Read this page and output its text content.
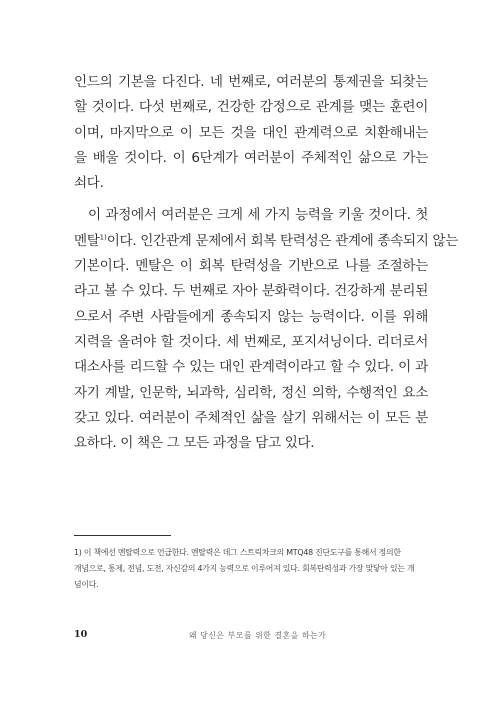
인드의 기본을 다진다. 네 번째로, 여러분의 통제권을 되찾는
할 것이다. 다섯 번째로, 건강한 감정으로 관계를 맺는 훈련이
이며, 마지막으로 이 모든 것을 대인 관계력으로 치환해내는
을 배울 것이다. 이 6단계가 여러분이 주체적인 삶으로 가는
쇠다.
이 과정에서 여러분은 크게 세 가지 능력을 키울 것이다. 첫
멘탈$^{1)}$이다. 인간관계 문제에서 회복 탄력성은 관계에 종속되지 않는
기본이다. 멘탈은 이 회복 탄력성을 기반으로 나를 조절하는
라고 볼 수 있다. 두 번째로 자아 분화력이다. 건강하게 분리된
으로서 주변 사람들에게 종속되지 않는 능력이다. 이를 위해
지력을 올려야 할 것이다. 세 번째로, 포지셔닝이다. 리더로서
대소사를 리드할 수 있는 대인 관계력이라고 할 수 있다. 이 과
자기 계발, 인문학, 뇌과학, 심리학, 정신 의학, 수행적인 요소
갖고 있다. 여러분이 주체적인 삶을 살기 위해서는 이 모든 분
요하다. 이 책은 그 모든 과정을 담고 있다.
1) 이 책에선 멘탈력으로 언급한다. 멘탈력은 데그 스트릭차크의 MTQ48 진단도구를 통해서 정의한
개념으로, 통제, 전념, 도전, 자신감의 4가지 능력으로 이루어져 있다. 회복탄력성과 가장 맞닿아 있는 개
념이다.
10	왜 당신은 부모를 위한 결혼을 하는가
